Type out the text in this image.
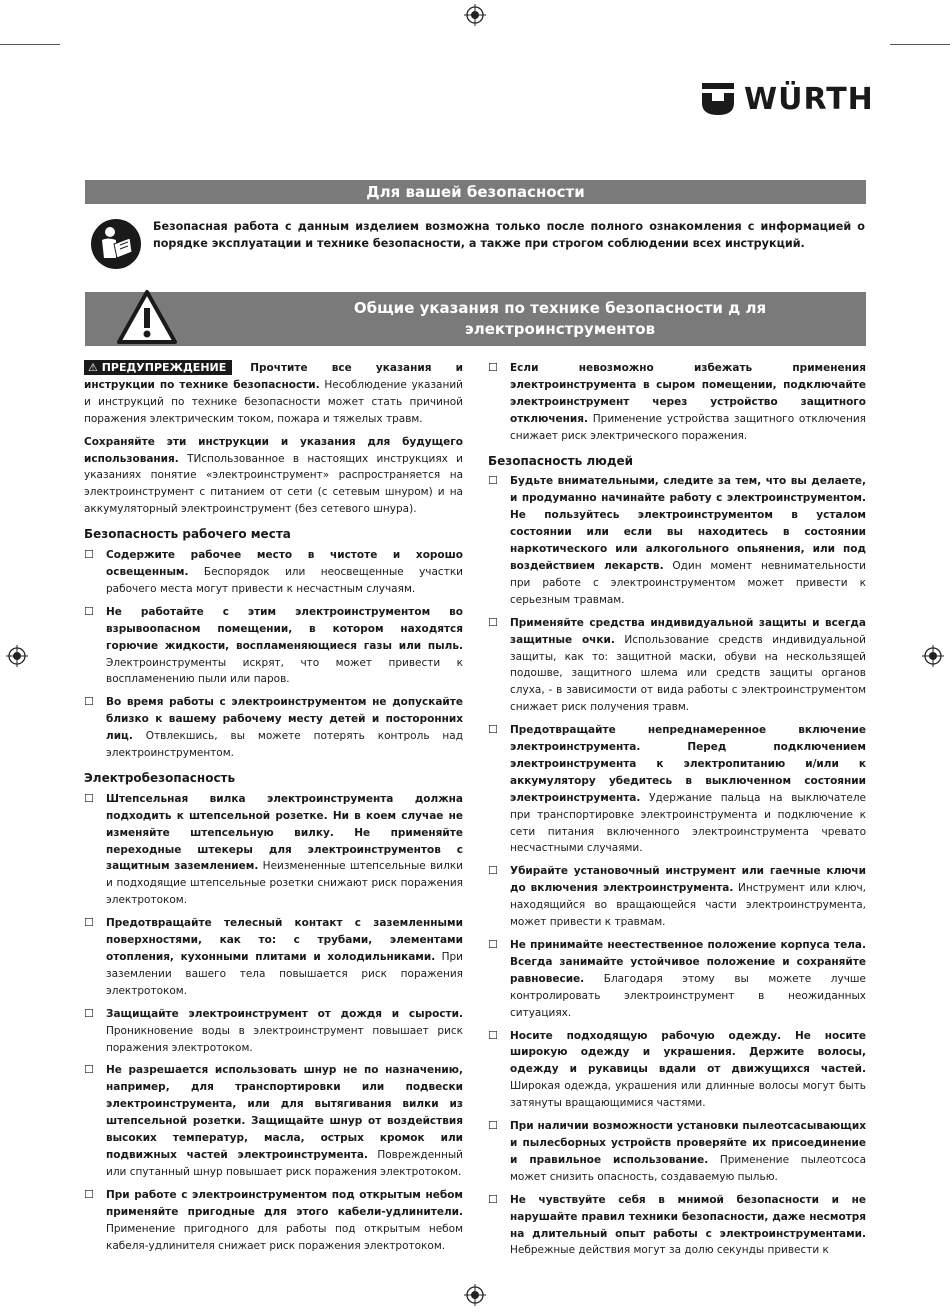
WÜRTH
Для вашей безопасности

Безопасная работа с данным изделием возможна только после полного ознакомления с информацией о порядке эксплуатации и технике безопасности, а также при строгом соблюдении всех инструкций.

Общие указания по технике безопасности д ля электроинструментов

⚠ ПРЕДУПРЕЖДЕНИЕ Прочтите все указания и инструкции по технике безопасности. Несоблюдение указаний и инструкций по технике безопасности может стать причиной поражения электрическим током, пожара и тяжелых травм.

Сохраняйте эти инструкции и указания для будущего использования. ТИспользованное в настоящих инструкциях и указаниях понятие «электроинструмент» распространяется на электроинструмент с питанием от сети (с сетевым шнуром) и на аккумуляторный электроинструмент (без сетевого шнура).

Безопасность рабочего места
☐	Содержите рабочее место в чистоте и хорошо освещенным. Беспорядок или неосвещенные участки рабочего места могут привести к несчастным случаям.
☐	Не работайте с этим электроинструментом во взрывоопасном помещении, в котором находятся горючие жидкости, воспламеняющиеся газы или пыль. Электроинструменты искрят, что может привести к воспламенению пыли или паров.
☐	Во время работы с электроинструментом не допускайте близко к вашему рабочему месту детей и посторонних лиц. Отвлекшись, вы можете потерять контроль над электроинструментом.
Электробезопасность
☐	Штепсельная вилка электроинструмента должна подходить к штепсельной розетке. Ни в коем случае не изменяйте штепсельную вилку. Не применяйте переходные штекеры для электроинструментов с защитным заземлением. Неизмененные штепсельные вилки и подходящие штепсельные розетки снижают риск поражения электротоком.
☐	Предотвращайте телесный контакт с заземленными поверхностями, как то: с трубами, элементами отопления, кухонными плитами и холодильниками. При заземлении вашего тела повышается риск поражения электротоком.
☐	Защищайте электроинструмент от дождя и сырости. Проникновение воды в электроинструмент повышает риск поражения электротоком.
☐	Не разрешается использовать шнур не по назначению, например, для транспортировки или подвески электроинструмента, или для вытягивания вилки из штепсельной розетки. Защищайте шнур от воздействия высоких температур, масла, острых кромок или подвижных частей электроинструмента. Поврежденный или спутанный шнур повышает риск поражения электротоком.
☐	При работе с электроинструментом под открытым небом применяйте пригодные для этого кабели-удлинители. Применение пригодного для работы под открытым небом кабеля-удлинителя снижает риск поражения электротоком.
☐	Если невозможно избежать применения электроинструмента в сыром помещении, подключайте электроинструмент через устройство защитного отключения. Применение устройства защитного отключения снижает риск электрического поражения.
Безопасность людей
☐	Будьте внимательными, следите за тем, что вы делаете, и продуманно начинайте работу с электроинструментом. Не пользуйтесь электроинструментом в усталом состоянии или если вы находитесь в состоянии наркотического или алкогольного опьянения, или под воздействием лекарств. Один момент невнимательности при работе с электроинструментом может привести к серьезным травмам.
☐	Применяйте средства индивидуальной защиты и всегда защитные очки. Использование средств индивидуальной защиты, как то: защитной маски, обуви на нескользящей подошве, защитного шлема или средств защиты органов слуха, - в зависимости от вида работы с электроинструментом снижает риск получения травм.
☐	Предотвращайте непреднамеренное включение электроинструмента. Перед подключением электроинструмента к электропитанию и/или к аккумулятору убедитесь в выключенном состоянии электроинструмента. Удержание пальца на выключателе при транспортировке электроинструмента и подключение к сети питания включенного электроинструмента чревато несчастными случаями.
☐	Убирайте установочный инструмент или гаечные ключи до включения электроинструмента. Инструмент или ключ, находящийся во вращающейся части электроинструмента, может привести к травмам.
☐	Не принимайте неестественное положение корпуса тела. Всегда занимайте устойчивое положение и сохраняйте равновесие. Благодаря этому вы можете лучше контролировать электроинструмент в неожиданных ситуациях.
☐	Носите подходящую рабочую одежду. Не носите широкую одежду и украшения. Держите волосы, одежду и рукавицы вдали от движущихся частей. Широкая одежда, украшения или длинные волосы могут быть затянуты вращающимися частями.
☐	При наличии возможности установки пылеотсасывающих и пылесборных устройств проверяйте их присоединение и правильное использование. Применение пылеотсоса может снизить опасность, создаваемую пылью.
☐	Не чувствуйте себя в мнимой безопасности и не нарушайте правил техники безопасности, даже несмотря на длительный опыт работы с электроинструментами. Небрежные действия могут за долю секунды привести к
